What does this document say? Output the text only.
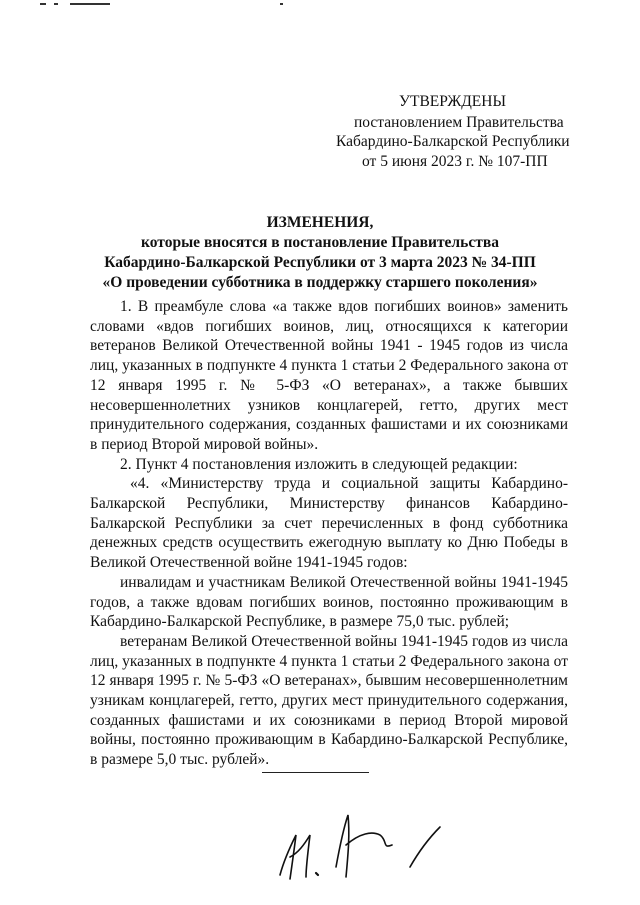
УТВЕРЖДЕНЫ
постановлением Правительства
Кабардино-Балкарской Республики
от 5 июня 2023 г. № 107-ПП
ИЗМЕНЕНИЯ,
которые вносятся в постановление Правительства
Кабардино-Балкарской Республики от 3 марта 2023 № 34-ПП
«О проведении субботника в поддержку старшего поколения»

1. В преамбуле слова «а также вдов погибших воинов» заменить словами «вдов погибших воинов, лиц, относящихся к категории ветеранов Великой Отечественной войны 1941 - 1945 годов из числа лиц, указанных в подпункте 4 пункта 1 статьи 2 Федерального закона от 12 января 1995 г. № 5-ФЗ «О ветеранах», а также бывших несовершеннолетних узников концлагерей, гетто, других мест принудительного содержания, созданных фашистами и их союзниками в период Второй мировой войны».

2. Пункт 4 постановления изложить в следующей редакции:

«4. «Министерству труда и социальной защиты Кабардино-Балкарской Республики, Министерству финансов Кабардино-Балкарской Республики за счет перечисленных в фонд субботника денежных средств осуществить ежегодную выплату ко Дню Победы в Великой Отечественной войне 1941-1945 годов:

инвалидам и участникам Великой Отечественной войны 1941-1945 годов, а также вдовам погибших воинов, постоянно проживающим в Кабардино-Балкарской Республике, в размере 75,0 тыс. рублей;

ветеранам Великой Отечественной войны 1941-1945 годов из числа лиц, указанных в подпункте 4 пункта 1 статьи 2 Федерального закона от 12 января 1995 г. № 5-ФЗ «О ветеранах», бывшим несовершеннолетним узникам концлагерей, гетто, других мест принудительного содержания, созданных фашистами и их союзниками в период Второй мировой войны, постоянно проживающим в Кабардино-Балкарской Республике, в размере 5,0 тыс. рублей».
